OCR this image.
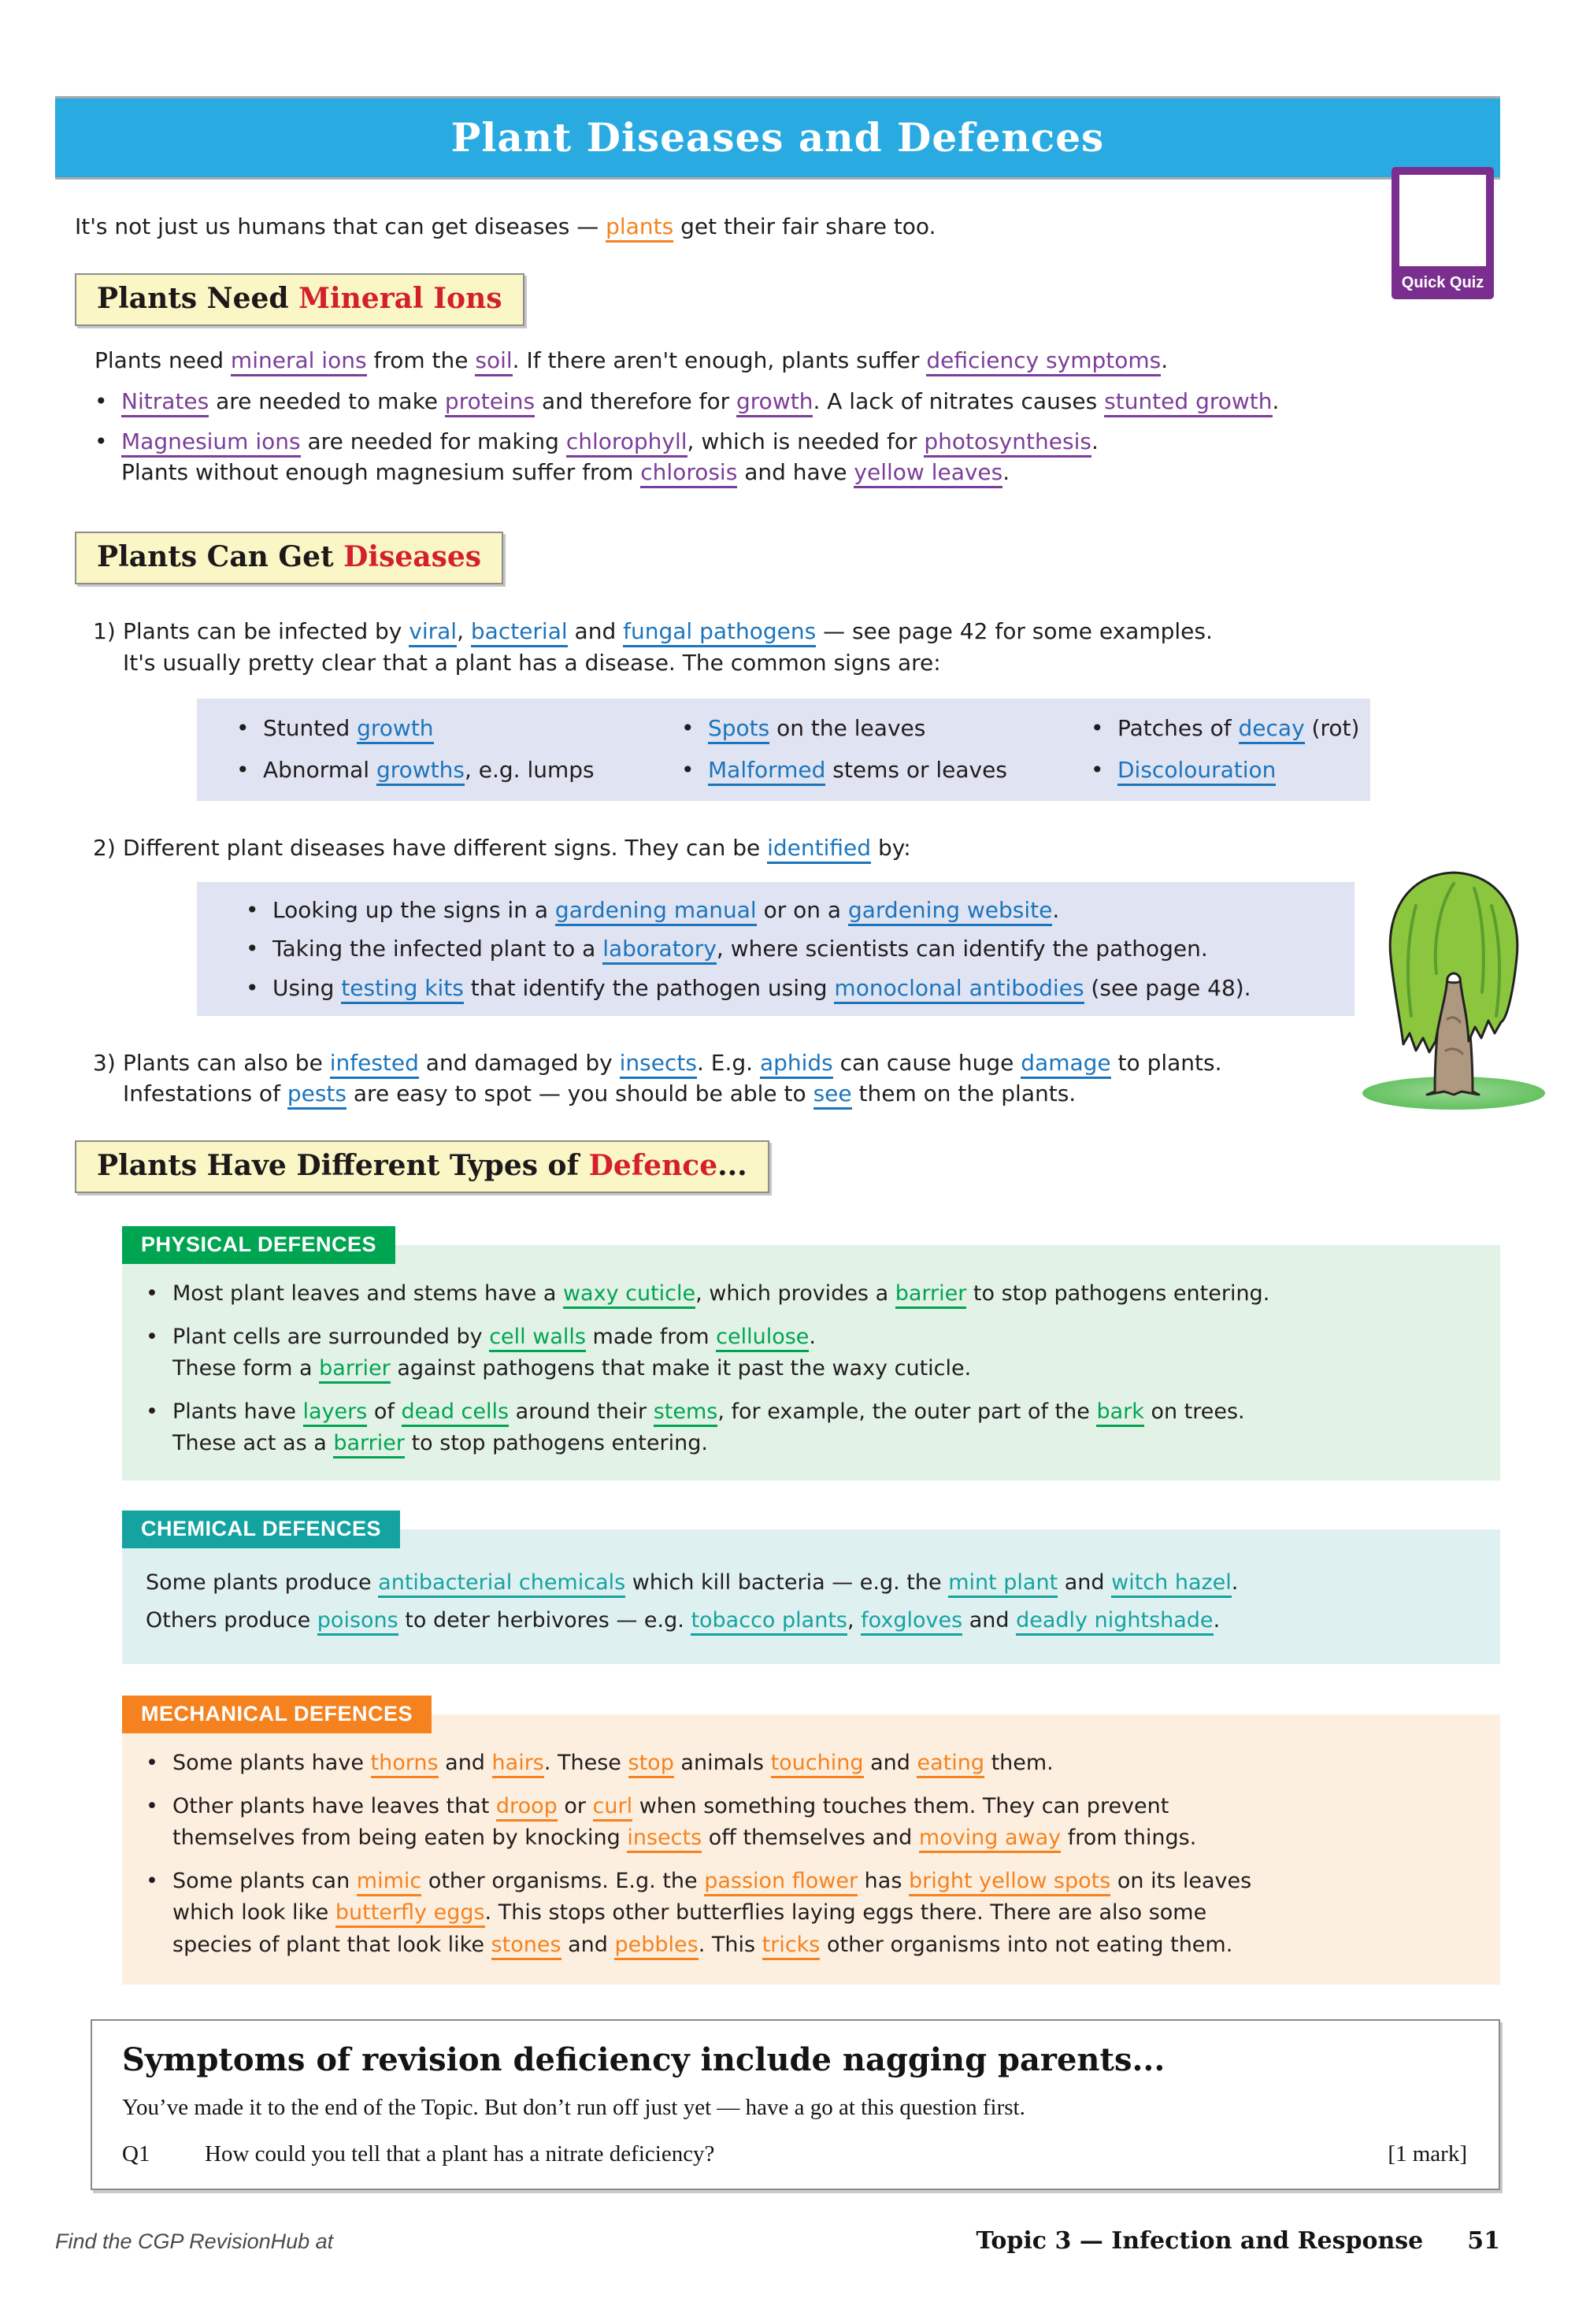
Quick Quiz
Plant Diseases and Defences
It's not just us humans that can get diseases — plants get their fair share too.
Plants Need Mineral Ions
Plants need mineral ions from the soil. If there aren't enough, plants suffer deficiency symptoms.
• Nitrates are needed to make proteins and therefore for growth. A lack of nitrates causes stunted growth.
• Magnesium ions are needed for making chlorophyll, which is needed for photosynthesis.
Plants without enough magnesium suffer from chlorosis and have yellow leaves.
Plants Can Get Diseases
1) Plants can be infected by viral, bacterial and fungal pathogens — see page 42 for some examples.
It's usually pretty clear that a plant has a disease. The common signs are:
• Stunted growth	• Spots on the leaves	• Patches of decay (rot)
• Abnormal growths, e.g. lumps	• Malformed stems or leaves	• Discolouration
2) Different plant diseases have different signs. They can be identified by:
• Looking up the signs in a gardening manual or on a gardening website.
• Taking the infected plant to a laboratory, where scientists can identify the pathogen.
• Using testing kits that identify the pathogen using monoclonal antibodies (see page 48).
3) Plants can also be infested and damaged by insects. E.g. aphids can cause huge damage to plants.
Infestations of pests are easy to spot — you should be able to see them on the plants.
Plants Have Different Types of Defence...
PHYSICAL DEFENCES
• Most plant leaves and stems have a waxy cuticle, which provides a barrier to stop pathogens entering.
• Plant cells are surrounded by cell walls made from cellulose.
These form a barrier against pathogens that make it past the waxy cuticle.
• Plants have layers of dead cells around their stems, for example, the outer part of the bark on trees.
These act as a barrier to stop pathogens entering.
CHEMICAL DEFENCES
Some plants produce antibacterial chemicals which kill bacteria — e.g. the mint plant and witch hazel.
Others produce poisons to deter herbivores — e.g. tobacco plants, foxgloves and deadly nightshade.
MECHANICAL DEFENCES
• Some plants have thorns and hairs. These stop animals touching and eating them.
• Other plants have leaves that droop or curl when something touches them. They can prevent
themselves from being eaten by knocking insects off themselves and moving away from things.
• Some plants can mimic other organisms. E.g. the passion flower has bright yellow spots on its leaves
which look like butterfly eggs. This stops other butterflies laying eggs there. There are also some
species of plant that look like stones and pebbles. This tricks other organisms into not eating them.
Symptoms of revision deficiency include nagging parents...
You’ve made it to the end of the Topic. But don’t run off just yet — have a go at this question first.
Q1	How could you tell that a plant has a nitrate deficiency?	[1 mark]
Find the CGP RevisionHub at	Topic 3 — Infection and Response 51
